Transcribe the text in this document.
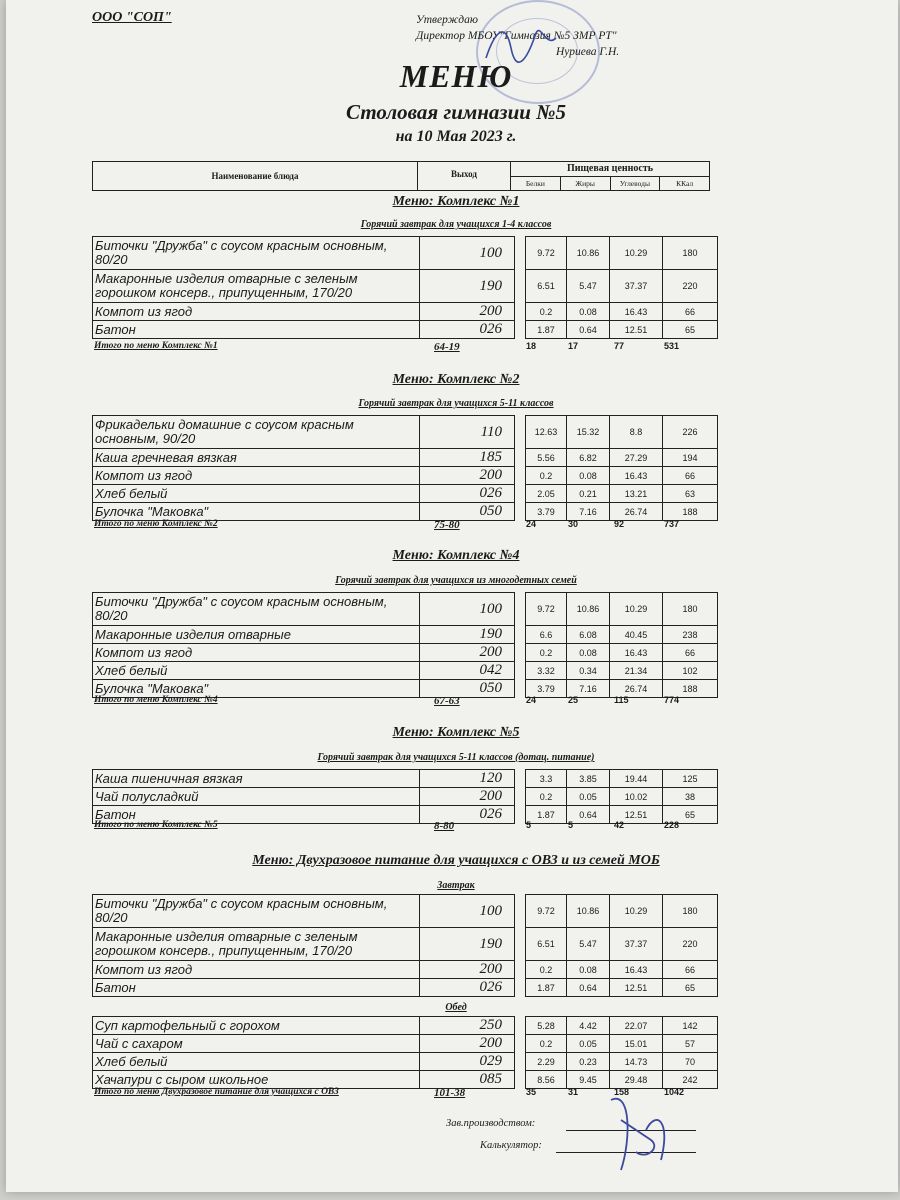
ООО "СОП"	Утверждаю
Директор МБОУ"Гимназия №5 ЗМР РТ"
Нуриева Г.Н.
МЕНЮ
Столовая гимназии №5
на 10 Мая 2023 г.
Наименование блюда	Выход	Пищевая ценность
Белки	Жиры	Углеводы	ККал
Зав.производством:
Калькулятор:
Меню: Комплекс №1
Горячий завтрак для учащихся 1-4 классов
Биточки "Дружба" с соусом красным основным, 80/20	100		9.72	10.86	10.29	180
Макаронные изделия отварные с зеленым горошком консерв., припущенным, 170/20	190		6.51	5.47	37.37	220
Компот из ягод	200		0.2	0.08	16.43	66
Батон	026		1.87	0.64	12.51	65
Итого по меню Комплекс №1	64-19	18	17	77	531
Меню: Комплекс №2
Горячий завтрак для учащихся 5-11 классов
Фрикадельки домашние с соусом красным основным, 90/20	110		12.63	15.32	8.8	226
Каша гречневая вязкая	185		5.56	6.82	27.29	194
Компот из ягод	200		0.2	0.08	16.43	66
Хлеб белый	026		2.05	0.21	13.21	63
Булочка "Маковка"	050		3.79	7.16	26.74	188
Итого по меню Комплекс №2	75-80	24	30	92	737
Меню: Комплекс №4
Горячий завтрак для учащихся из многодетных семей
Биточки "Дружба" с соусом красным основным, 80/20	100		9.72	10.86	10.29	180
Макаронные изделия отварные	190		6.6	6.08	40.45	238
Компот из ягод	200		0.2	0.08	16.43	66
Хлеб белый	042		3.32	0.34	21.34	102
Булочка "Маковка"	050		3.79	7.16	26.74	188
Итого по меню Комплекс №4	67-63	24	25	115	774
Меню: Комплекс №5
Горячий завтрак для учащихся 5-11 классов (дотац. питание)
Каша пшеничная вязкая	120		3.3	3.85	19.44	125
Чай полусладкий	200		0.2	0.05	10.02	38
Батон	026		1.87	0.64	12.51	65
Итого по меню Комплекс №5	8-80	5	5	42	228
Меню: Двухразовое питание для учащихся с ОВЗ и из семей МОБ
Завтрак
Биточки "Дружба" с соусом красным основным, 80/20	100		9.72	10.86	10.29	180
Макаронные изделия отварные с зеленым горошком консерв., припущенным, 170/20	190		6.51	5.47	37.37	220
Компот из ягод	200		0.2	0.08	16.43	66
Батон	026		1.87	0.64	12.51	65
Обед
Суп картофельный с горохом	250		5.28	4.42	22.07	142
Чай с сахаром	200		0.2	0.05	15.01	57
Хлеб белый	029		2.29	0.23	14.73	70
Хачапури с сыром школьное	085		8.56	9.45	29.48	242
Итого по меню Двухразовое питание для учащихся с ОВЗ	101-38	35	31	158	1042
